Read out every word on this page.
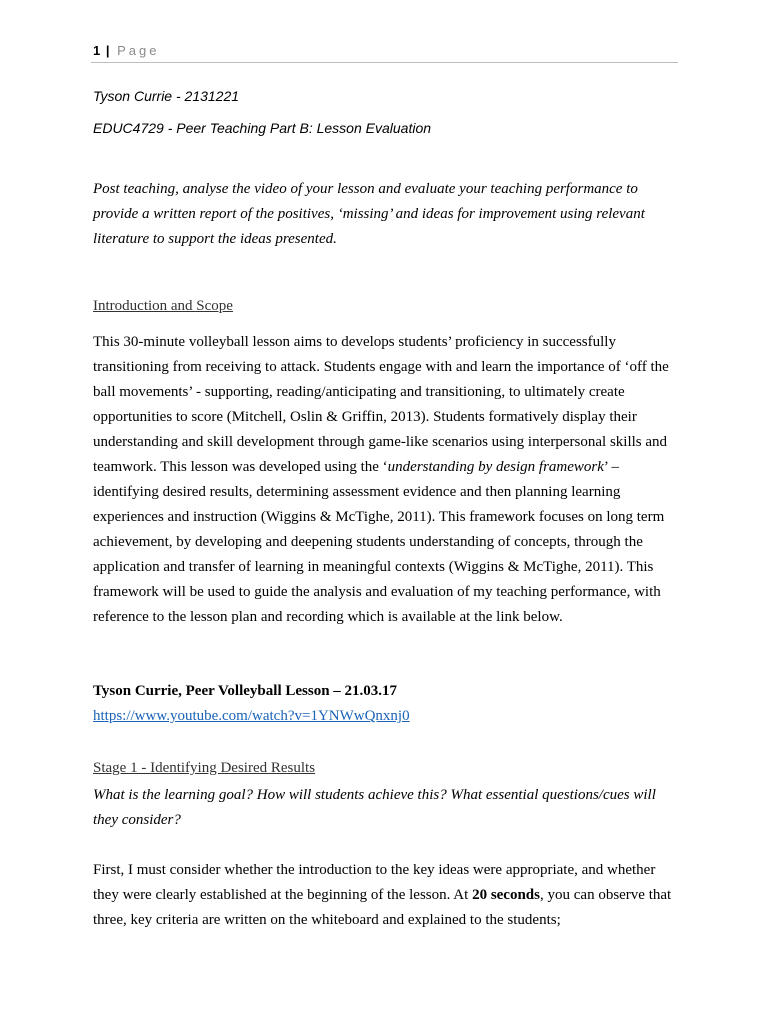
1 | Page
Tyson Currie - 2131221
EDUC4729 - Peer Teaching Part B: Lesson Evaluation
Post teaching, analyse the video of your lesson and evaluate your teaching performance to provide a written report of the positives, ‘missing’ and ideas for improvement using relevant literature to support the ideas presented.
Introduction and Scope
This 30-minute volleyball lesson aims to develops students’ proficiency in successfully transitioning from receiving to attack. Students engage with and learn the importance of ‘off the ball movements’ - supporting, reading/anticipating and transitioning, to ultimately create opportunities to score (Mitchell, Oslin & Griffin, 2013). Students formatively display their understanding and skill development through game-like scenarios using interpersonal skills and teamwork. This lesson was developed using the ‘understanding by design framework’ – identifying desired results, determining assessment evidence and then planning learning experiences and instruction (Wiggins & McTighe, 2011). This framework focuses on long term achievement, by developing and deepening students understanding of concepts, through the application and transfer of learning in meaningful contexts (Wiggins & McTighe, 2011). This framework will be used to guide the analysis and evaluation of my teaching performance, with reference to the lesson plan and recording which is available at the link below.
Tyson Currie, Peer Volleyball Lesson – 21.03.17
https://www.youtube.com/watch?v=1YNWwQnxnj0
Stage 1 - Identifying Desired Results
What is the learning goal? How will students achieve this? What essential questions/cues will they consider?
First, I must consider whether the introduction to the key ideas were appropriate, and whether they were clearly established at the beginning of the lesson. At 20 seconds, you can observe that three, key criteria are written on the whiteboard and explained to the students;
